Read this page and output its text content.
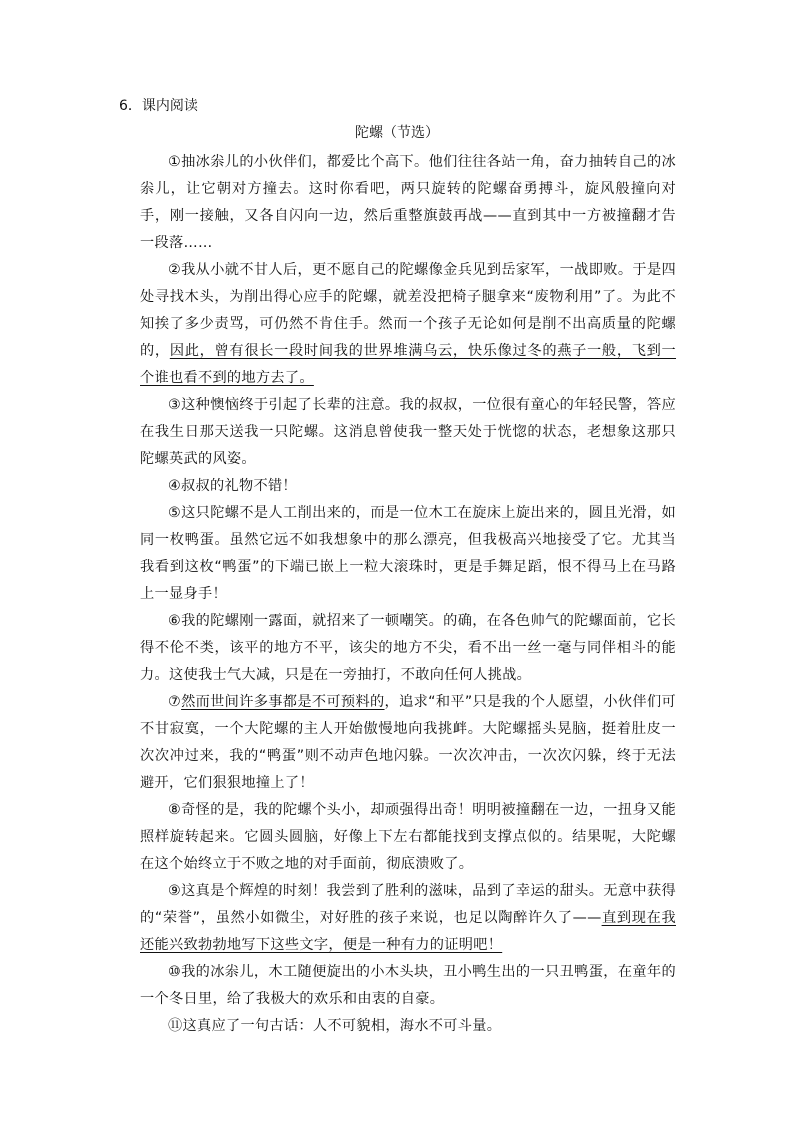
6．课内阅读
陀螺（节选）

①抽冰尜儿的小伙伴们，都爱比个高下。他们往往各站一角，奋力抽转自己的冰尜儿，让它朝对方撞去。这时你看吧，两只旋转的陀螺奋勇搏斗，旋风般撞向对手，刚一接触，又各自闪向一边，然后重整旗鼓再战——直到其中一方被撞翻才告一段落……

②我从小就不甘人后，更不愿自己的陀螺像金兵见到岳家军，一战即败。于是四处寻找木头，为削出得心应手的陀螺，就差没把椅子腿拿来“废物利用”了。为此不知挨了多少责骂，可仍然不肯住手。然而一个孩子无论如何是削不出高质量的陀螺的，因此，曾有很长一段时间我的世界堆满乌云，快乐像过冬的燕子一般，飞到一个谁也看不到的地方去了。

③这种懊恼终于引起了长辈的注意。我的叔叔，一位很有童心的年轻民警，答应在我生日那天送我一只陀螺。这消息曾使我一整天处于恍惚的状态，老想象这那只陀螺英武的风姿。

④叔叔的礼物不错！

⑤这只陀螺不是人工削出来的，而是一位木工在旋床上旋出来的，圆且光滑，如同一枚鸭蛋。虽然它远不如我想象中的那么漂亮，但我极高兴地接受了它。尤其当我看到这枚“鸭蛋”的下端已嵌上一粒大滚珠时，更是手舞足蹈，恨不得马上在马路上一显身手！

⑥我的陀螺刚一露面，就招来了一顿嘲笑。的确，在各色帅气的陀螺面前，它长得不伦不类，该平的地方不平，该尖的地方不尖，看不出一丝一毫与同伴相斗的能力。这使我士气大减，只是在一旁抽打，不敢向任何人挑战。

⑦然而世间许多事都是不可预料的，追求“和平”只是我的个人愿望，小伙伴们可不甘寂寞，一个大陀螺的主人开始傲慢地向我挑衅。大陀螺摇头晃脑，挺着肚皮一次次冲过来，我的“鸭蛋”则不动声色地闪躲。一次次冲击，一次次闪躲，终于无法避开，它们狠狠地撞上了！

⑧奇怪的是，我的陀螺个头小，却顽强得出奇！明明被撞翻在一边，一扭身又能照样旋转起来。它圆头圆脑，好像上下左右都能找到支撑点似的。结果呢，大陀螺在这个始终立于不败之地的对手面前，彻底溃败了。

⑨这真是个辉煌的时刻！我尝到了胜利的滋味，品到了幸运的甜头。无意中获得的“荣誉”，虽然小如微尘，对好胜的孩子来说，也足以陶醉许久了——直到现在我还能兴致勃勃地写下这些文字，便是一种有力的证明吧！

⑩我的冰尜儿，木工随便旋出的小木头块，丑小鸭生出的一只丑鸭蛋，在童年的一个冬日里，给了我极大的欢乐和由衷的自豪。

⑪这真应了一句古话：人不可貌相，海水不可斗量。
